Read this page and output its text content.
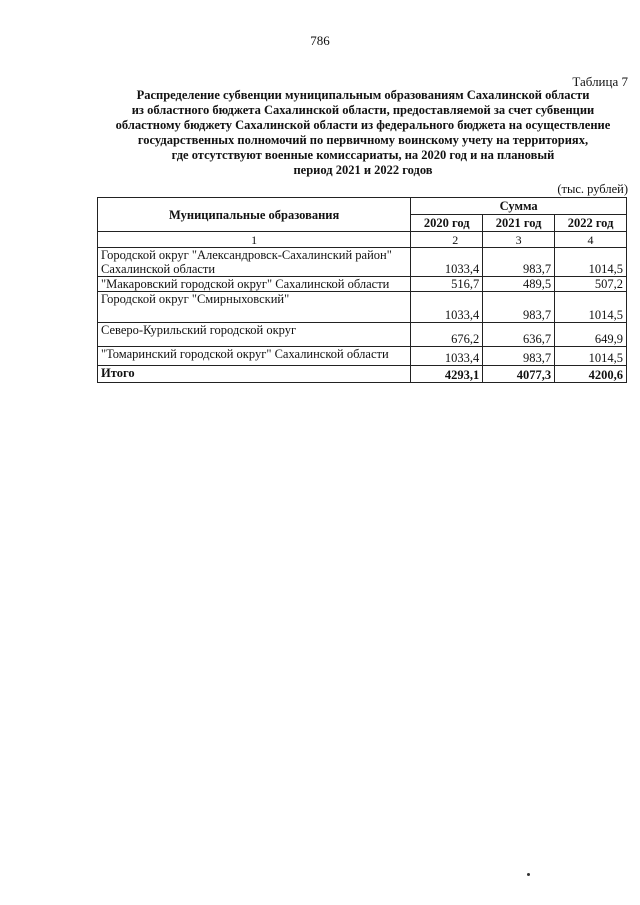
786
Таблица 7
Распределение субвенции муниципальным образованиям Сахалинской области
из областного бюджета Сахалинской области, предоставляемой за счет субвенции
областному бюджету Сахалинской области из федерального бюджета на осуществление
государственных полномочий по первичному воинскому учету на территориях,
где отсутствуют военные комиссариаты, на 2020 год и на плановый
период 2021 и 2022 годов
(тыс. рублей)
Муниципальные образования	Сумма		
	2020 год	2021 год	2022 год
1	2	3	4

Городской округ "Александровск-Сахалинский район"
Сахалинской области	1033,4	983,7	1014,5
"Макаровский городской округ" Сахалинской области	516,7	489,5	507,2
Городской округ "Смирныховский"	1033,4	983,7	1014,5
Северо-Курильский городской округ	676,2	636,7	649,9
"Томаринский городской округ" Сахалинской области	1033,4	983,7	1014,5
Итого	4293,1	4077,3	4200,6
